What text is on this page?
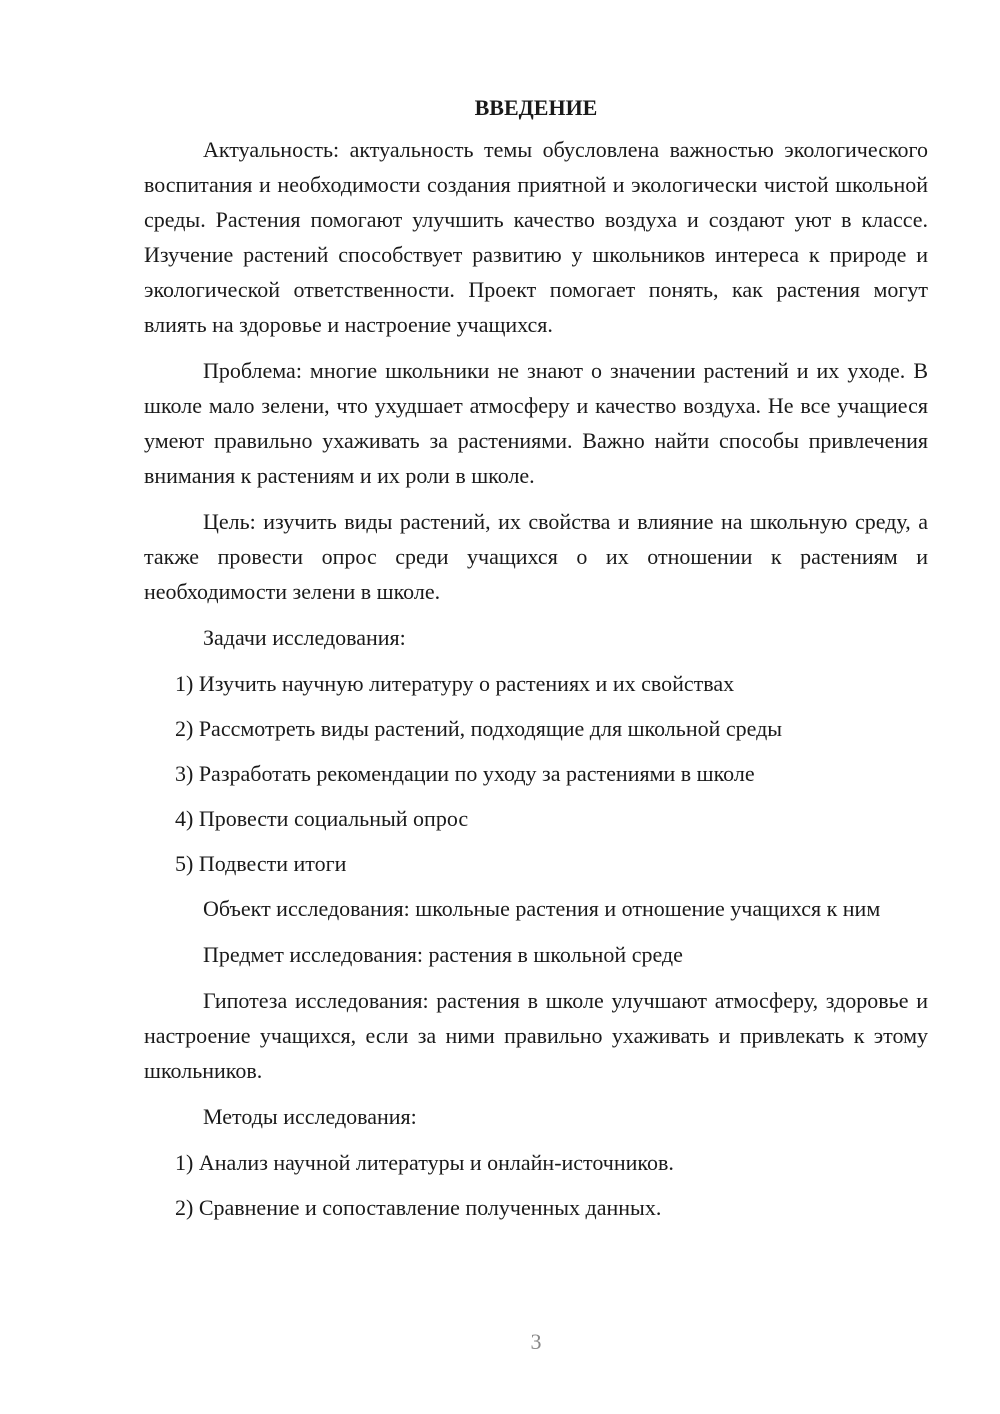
ВВЕДЕНИЕ

Актуальность: актуальность темы обусловлена важностью экологического воспитания и необходимости создания приятной и экологически чистой школьной среды. Растения помогают улучшить качество воздуха и создают уют в классе. Изучение растений способствует развитию у школьников интереса к природе и экологической ответственности. Проект помогает понять, как растения могут влиять на здоровье и настроение учащихся.

Проблема: многие школьники не знают о значении растений и их уходе. В школе мало зелени, что ухудшает атмосферу и качество воздуха. Не все учащиеся умеют правильно ухаживать за растениями. Важно найти способы привлечения внимания к растениям и их роли в школе.

Цель: изучить виды растений, их свойства и влияние на школьную среду, а также провести опрос среди учащихся о их отношении к растениям и необходимости зелени в школе.

Задачи исследования:

1) Изучить научную литературу о растениях и их свойствах

2) Рассмотреть виды растений, подходящие для школьной среды

3) Разработать рекомендации по уходу за растениями в школе

4) Провести социальный опрос

5) Подвести итоги

Объект исследования: школьные растения и отношение учащихся к ним

Предмет исследования: растения в школьной среде

Гипотеза исследования: растения в школе улучшают атмосферу, здоровье и настроение учащихся, если за ними правильно ухаживать и привлекать к этому школьников.

Методы исследования:

1) Анализ научной литературы и онлайн-источников.

2) Сравнение и сопоставление полученных данных.

3
